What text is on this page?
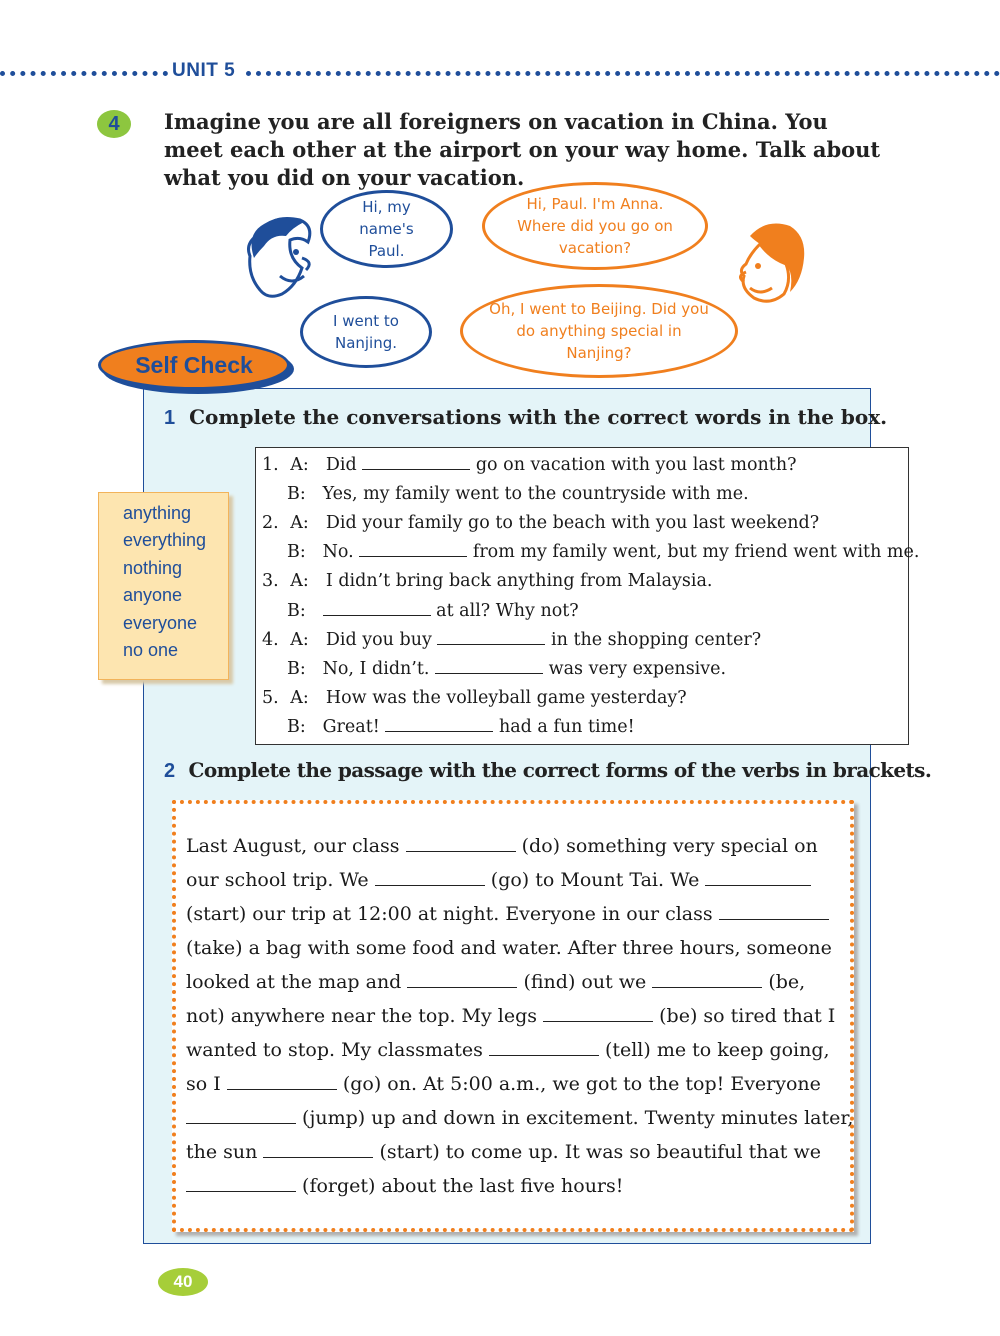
UNIT 5
4	Imagine you are all foreigners on vacation in China. You meet each other at the airport on your way home. Talk about what you did on your vacation.
Hi, my name's Paul.
I went to Nanjing.
Hi, Paul. I'm Anna. Where did you go on vacation?
Oh, I went to Beijing. Did you do anything special in Nanjing?
Self Check
1 Complete the conversations with the correct words in the box.
anything
everything
nothing
anyone
everyone
no one
1. A: Did	go on vacation with you last month?
B: Yes, my family went to the countryside with me.
2. A: Did your family go to the beach with you last weekend?
B: No.	from my family went, but my friend went with me.
3. A: I didn’t bring back anything from Malaysia.
B:	at all? Why not?
4. A: Did you buy	in the shopping center?
B: No, I didn’t.	was very expensive.
5. A: How was the volleyball game yesterday?
B: Great!	had a fun time!
2 Complete the passage with the correct forms of the verbs in brackets.
Last August, our class	(do) something very special on
our school trip. We	(go) to Mount Tai. We
(start) our trip at 12:00 at night. Everyone in our class
(take) a bag with some food and water. After three hours, someone
looked at the map and	(find) out we	(be,
not) anywhere near the top. My legs	(be) so tired that I
wanted to stop. My classmates	(tell) me to keep going,
so I	(go) on. At 5:00 a.m., we got to the top! Everyone
(jump) up and down in excitement. Twenty minutes later,
the sun	(start) to come up. It was so beautiful that we
(forget) about the last five hours!
40
